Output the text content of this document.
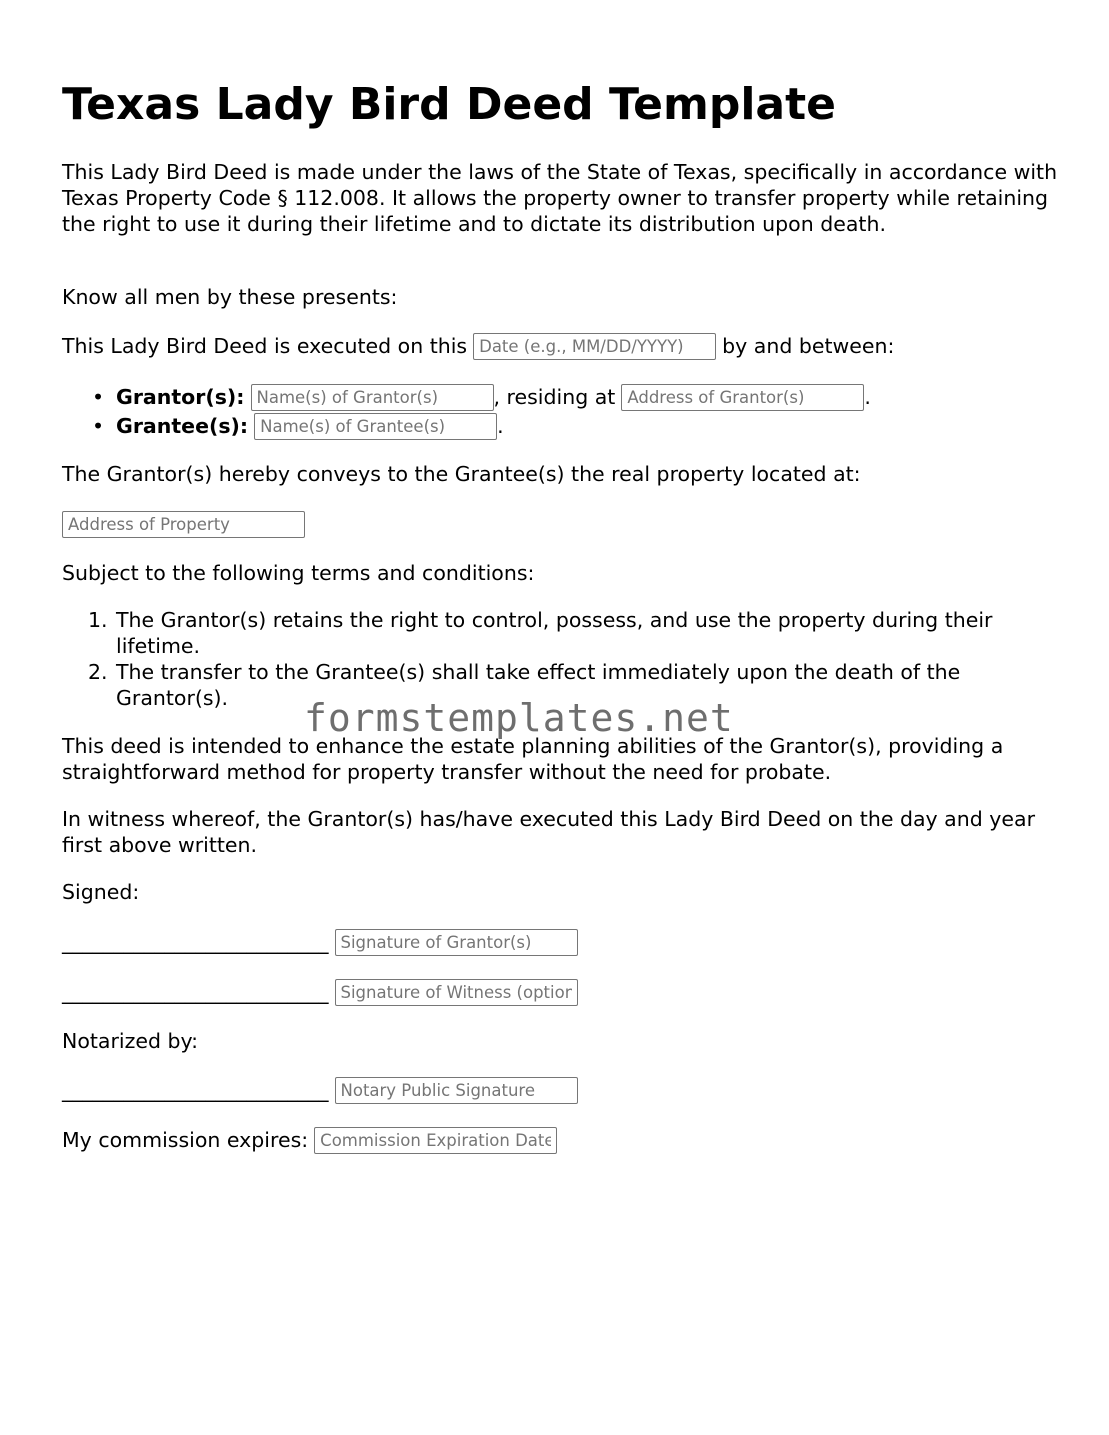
Texas Lady Bird Deed Template

This Lady Bird Deed is made under the laws of the State of Texas, specifically in accordance with Texas Property Code § 112.008. It allows the property owner to transfer property while retaining the right to use it during their lifetime and to dictate its distribution upon death.

Know all men by these presents:

This Lady Bird Deed is executed on this
Date (e.g., MM/DD/YYYY)	by and between:
• Grantor(s):
Name(s) of Grantor(s)	, residing at
Address of Grantor(s)	.
• Grantee(s):
Name(s) of Grantee(s)	.

The Grantor(s) hereby conveys to the Grantee(s) the real property located at:

Address of Property

Subject to the following terms and conditions:

1. The Grantor(s) retains the right to control, possess, and use the property during their lifetime.

2. The transfer to the Grantee(s) shall take effect immediately upon the death of the Grantor(s).

This deed is intended to enhance the estate planning abilities of the Grantor(s), providing a straightforward method for property transfer without the need for probate.

In witness whereof, the Grantor(s) has/have executed this Lady Bird Deed on the day and year first above written.

Signed:

__________________________
Signature of Grantor(s)
__________________________
Signature of Witness (optional)

Notarized by:

__________________________
Notary Public Signature
My commission expires:
Commission Expiration Date
formstemplates.net
